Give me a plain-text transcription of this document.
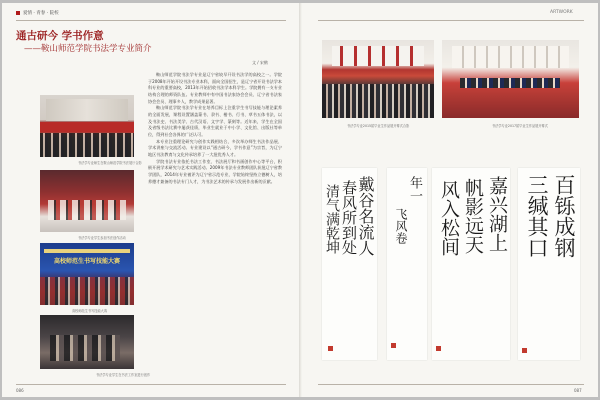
爱情 · 青春 · 院校
通古研今 学书作意
——鞍山师范学院书法学专业简介
文 / 宋鹤
书法学专业师生在鞍山师范学院书法展厅合影
书法学专业学生参加书法创作活动
高校师范生书写技能大赛
高校师范生书写技能大赛
书法学专业学生在书法工作室进行创作

鞍山师范学院书法学专业是辽宁省较早开设书法学的高校之一。学院于2008年开始开设书法专业本科，面向全国招生，是辽宁省开设书法学本科专业的重要高校，2013年开始招收书法学本科学生。学院拥有一支专业结构合理的师资队伍。专业教师中有中国书法家协会会员、辽宁省书法家协会会员、理事多人，教学成果显著。

鞍山师范学院书法学专业在培养目标上注重学生书写技能与理论素养的全面发展，课程设置涵盖篆书、隶书、楷书、行书、草书五体书法，以及书法史、书法美学、古代汉语、文字学、篆刻等。近年来，学生在全国及省级书法比赛中屡获佳绩，毕业生就业于中小学、文化馆、出版社等单位，得到社会各界的广泛认可。

本专业注重理论研究与创作实践相结合，多次举办师生书法作品展、学术讲座与交流活动。专业建设以“通古研今，学书作意”为宗旨，为辽宁地区书法教育与文化传承培养了一大批优秀人才。

学院书法专业依托书法工作室、书法展厅和书画创作中心等平台，积极开展学术研究与艺术实践活动。2009年书法专业教师团队获批辽宁省教学团队，2014年专业被评为辽宁省示范专业，学院始终坚持立德树人，培养德才兼备的书法专门人才，为书法艺术的传承与发展作出新的贡献。

086
ARTWORK
书法学专业2015届毕业生作品展开幕式合影	书法学专业2017届毕业生作品展开幕式
戴谷名流人
春风所到处
清气满乾坤	年一
飞风卷	嘉兴湖上
帆影远天
风入松间	百铄成钢
三缄其口
087
